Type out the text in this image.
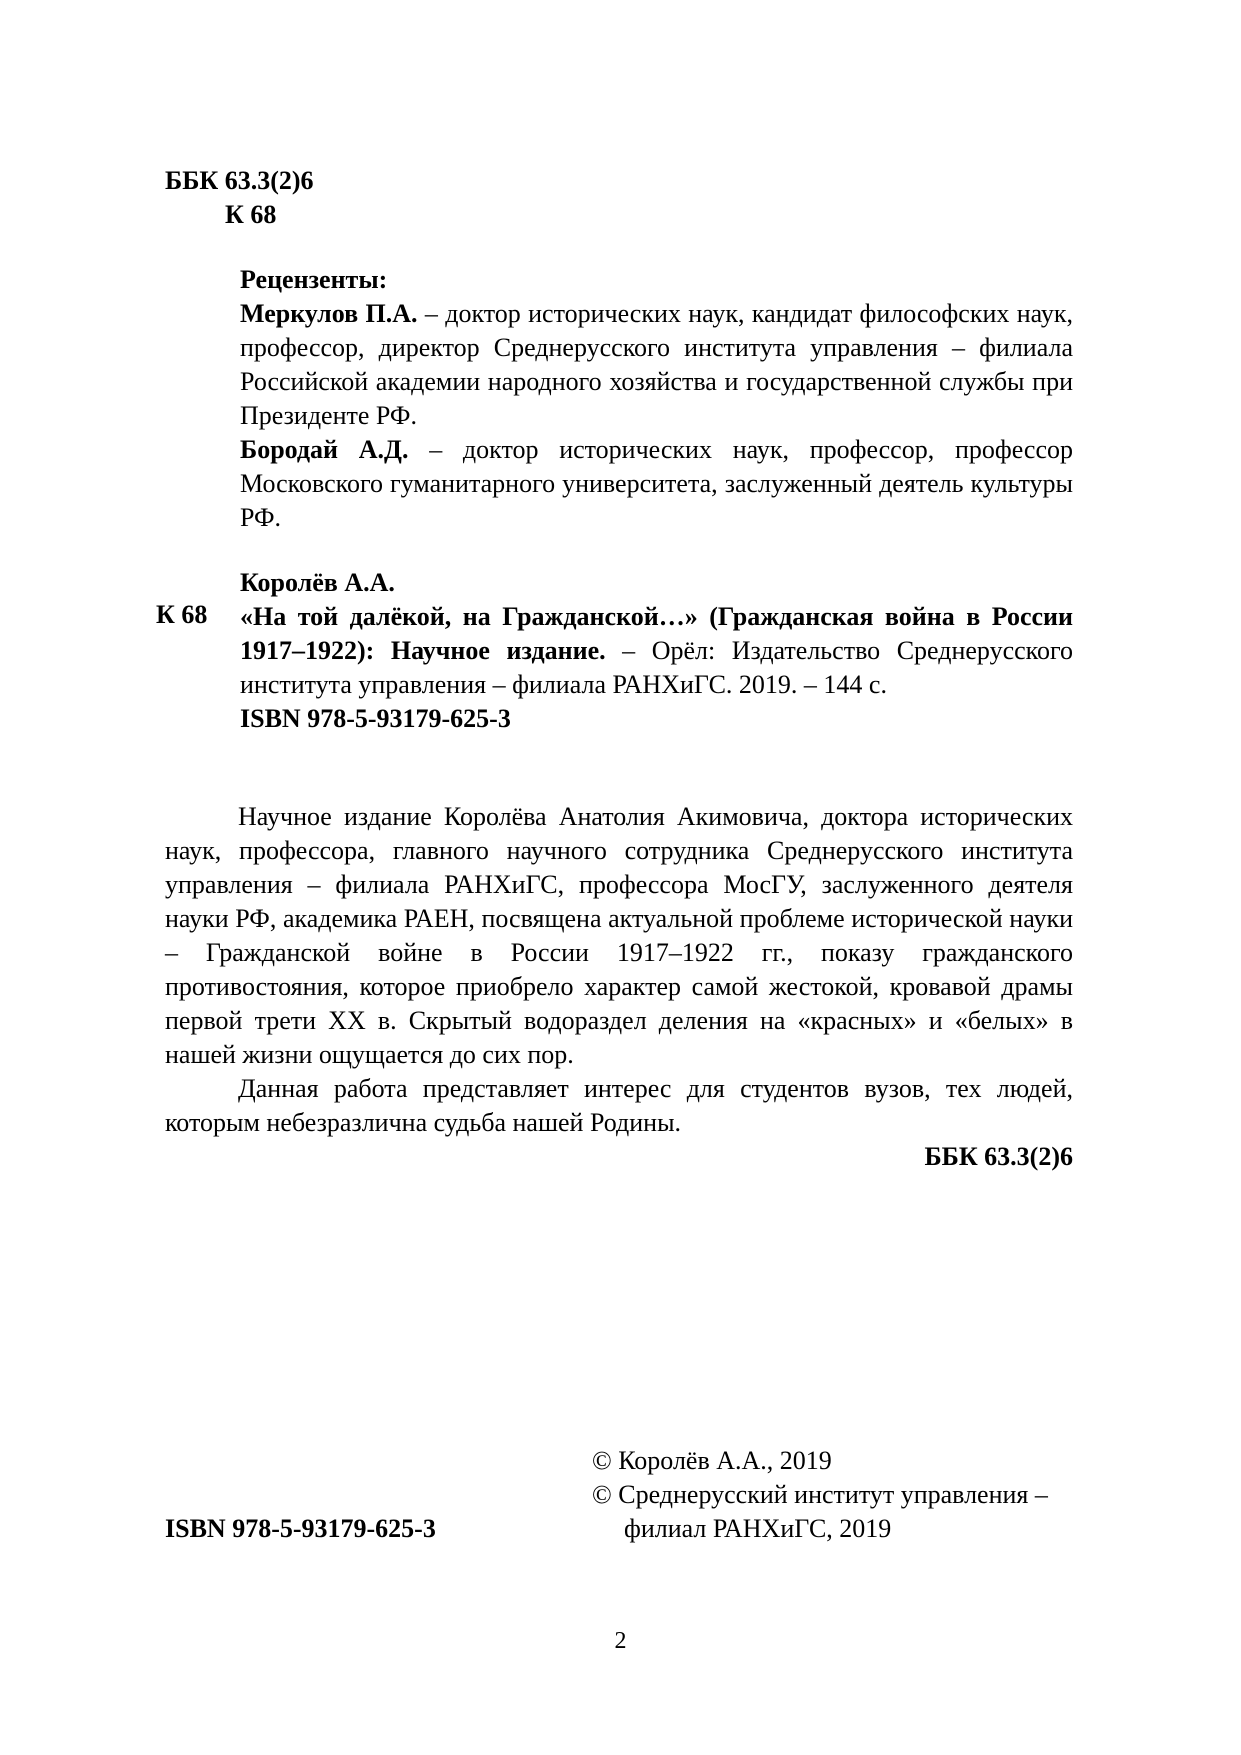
ББК 63.3(2)6
К 68
Рецензенты:

Меркулов П.А. – доктор исторических наук, кандидат философских наук, профессор, директор Среднерусского института управления – филиала Российской академии народного хозяйства и государственной службы при Президенте РФ.

Бородай А.Д. – доктор исторических наук, профессор, профессор Московского гуманитарного университета, заслуженный деятель культуры РФ.

К 68
Королёв А.А.

«На той далёкой, на Гражданской…» (Гражданская война в России 1917–1922): Научное издание. – Орёл: Издательство Среднерусского института управления – филиала РАНХиГС. 2019. – 144 с.

ISBN 978-5-93179-625-3

Научное издание Королёва Анатолия Акимовича, доктора исторических наук, профессора, главного научного сотрудника Среднерусского института управления – филиала РАНХиГС, профессора МосГУ, заслуженного деятеля науки РФ, академика РАЕН, посвящена актуальной проблеме исторической науки – Гражданской войне в России 1917–1922 гг., показу гражданского противостояния, которое приобрело характер самой жестокой, кровавой драмы первой трети XX в. Скрытый водораздел деления на «красных» и «белых» в нашей жизни ощущается до сих пор.

Данная работа представляет интерес для студентов вузов, тех людей, которым небезразлична судьба нашей Родины.

ББК 63.3(2)6
ISBN 978-5-93179-625-3
© Королёв А.А., 2019
© Среднерусский институт управления –
филиал РАНХиГС, 2019
2
